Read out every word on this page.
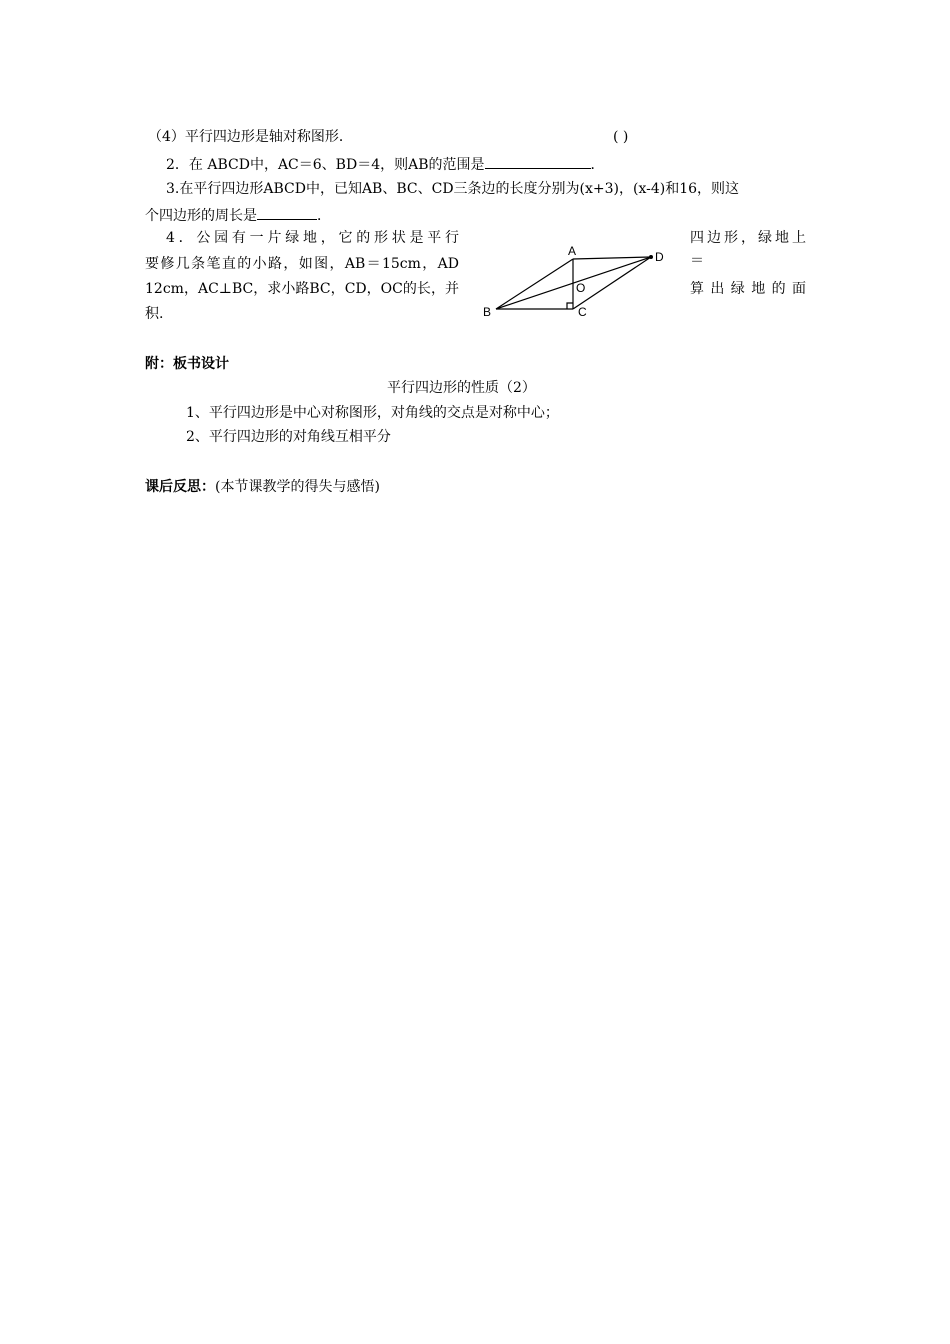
（4）平行四边形是轴对称图形．	( )
2．在 ABCD中，AC＝6、BD＝4，则AB的范围是	．
3.在平行四边形ABCD中，已知AB、BC、CD三条边的长度分别为(x+3)，(x-4)和16，则这
个四边形的周长是	．
4．公园有一片绿地，它的形状是平行
要修几条笔直的小路，如图，AB＝15cm，AD
12cm，AC⊥BC，求小路BC，CD，OC的长，并
积.
四边形，绿地上
＝
算出绿地的面
A
B	C
D
O
附：板书设计
平行四边形的性质（2）
1、平行四边形是中心对称图形，对角线的交点是对称中心；
2、平行四边形的对角线互相平分
课后反思：(本节课教学的得失与感悟)
